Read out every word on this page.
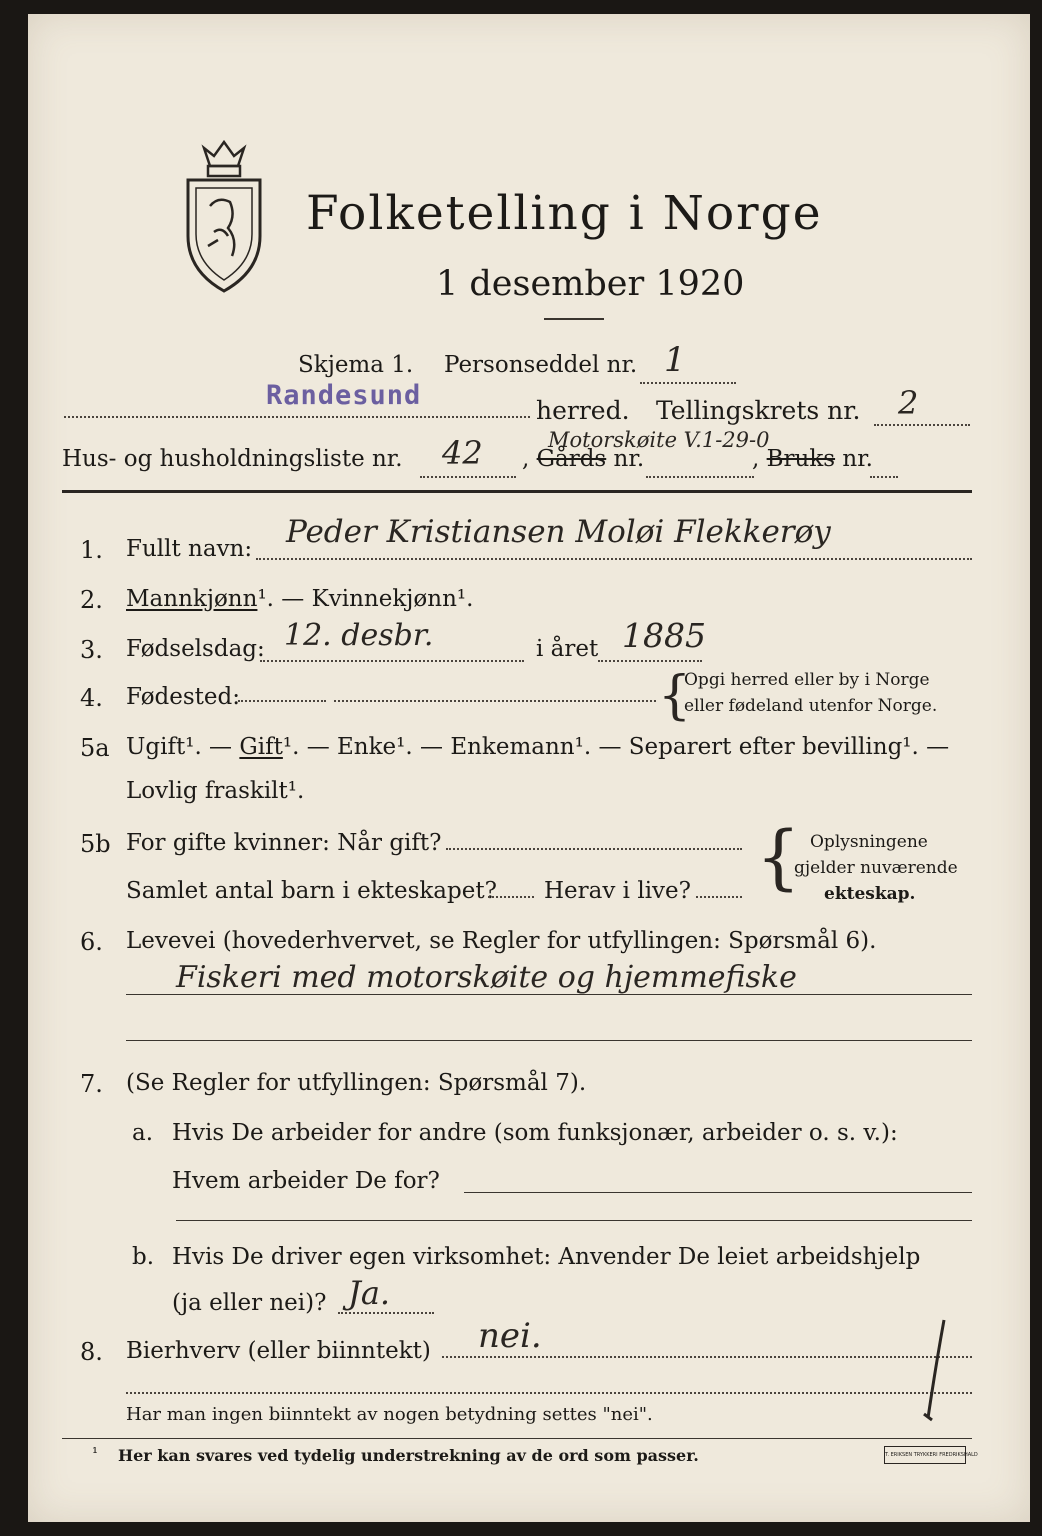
Folketelling i Norge
1 desember 1920
Skjema 1. Personseddel nr. 1
Randesund	herred. Tellingskrets nr. 2
Motorskøite V.1-29-0
Hus- og husholdningsliste nr. 42 , Gårds nr.	, Bruks nr.
1. Fullt navn: Peder Kristiansen Moløi Flekkerøy
2. Mannkjønn¹. — Kvinnekjønn¹.
3. Fødselsdag: 12. desbr.	i året 1885
4. Fødested:	{
Opgi herred eller by i Norge
eller fødeland utenfor Norge.
5a Ugift¹. — Gift¹. — Enke¹. — Enkemann¹. — Separert efter bevilling¹. —
Lovlig fraskilt¹.
5b For gifte kvinner: Når gift?
Samlet antal barn i ekteskapet? Herav i live? { Oplysningene
gjelder nuværende
ekteskap.
6. Levevei (hovederhvervet, se Regler for utfyllingen: Spørsmål 6).
Fiskeri med motorskøite og hjemmefiske
7. (Se Regler for utfyllingen: Spørsmål 7).
a. Hvis De arbeider for andre (som funksjonær, arbeider o. s. v.):
Hvem arbeider De for?
b. Hvis De driver egen virksomhet: Anvender De leiet arbeidshjelp
(ja eller nei)? Ja.
8. Bierhverv (eller biinntekt) nei.
Har man ingen biinntekt av nogen betydning settes "nei".
¹ Her kan svares ved tydelig understrekning av de ord som passer.	T. ERIKSEN TRYKKERI FREDRIKSHALD
